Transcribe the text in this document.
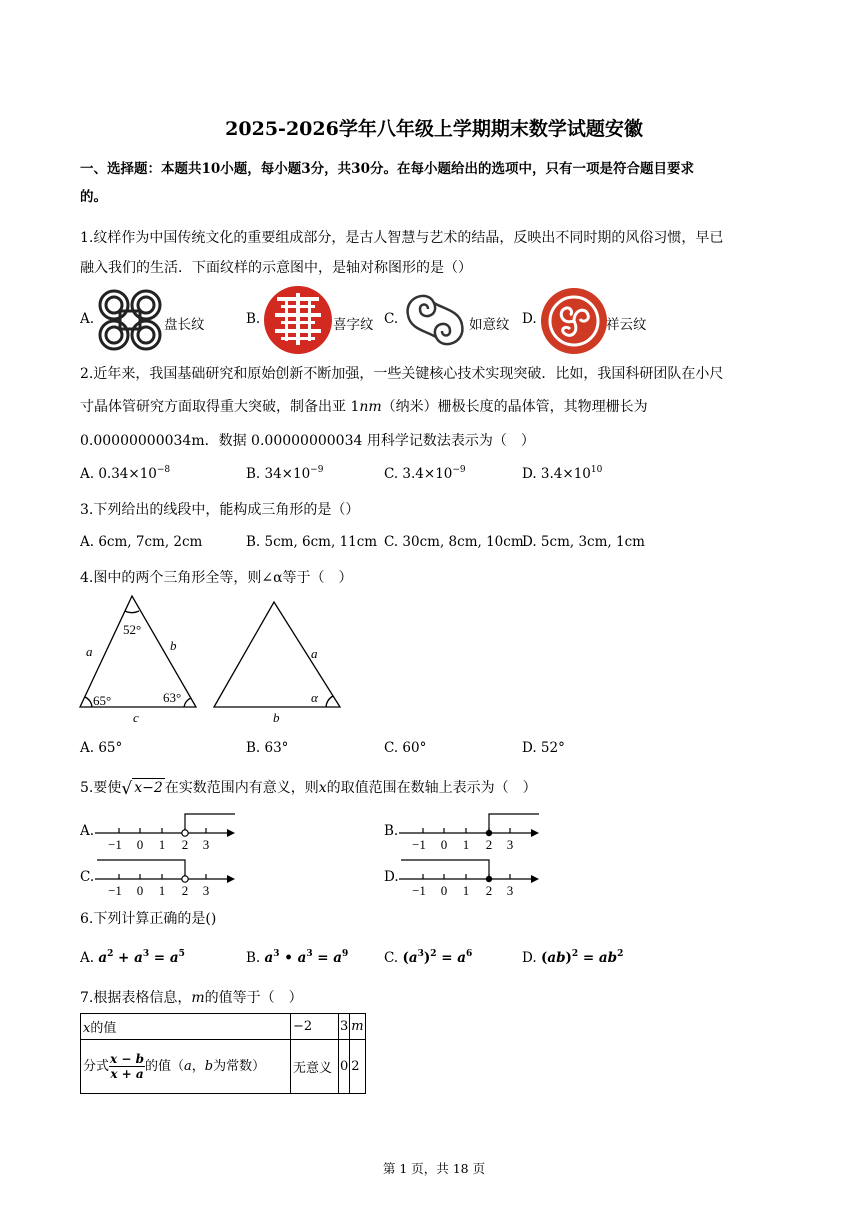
2025-2026学年八年级上学期期末数学试题安徽
一、选择题：本题共10小题，每小题3分，共30分。在每小题给出的选项中，只有一项是符合题目要求
的。
1.纹样作为中国传统文化的重要组成部分，是古人智慧与艺术的结晶，反映出不同时期的风俗习惯，早已
融入我们的生活．下面纹样的示意图中，是轴对称图形的是（）
A.	盘长纹	B.	喜字纹 C.	如意纹 D.	祥云纹
2.近年来，我国基础研究和原始创新不断加强，一些关键核心技术实现突破．比如，我国科研团队在小尺
寸晶体管研究方面取得重大突破，制备出亚 1nm（纳米）栅极长度的晶体管，其物理栅长为
0.00000000034m．数据 0.00000000034 用科学记数法表示为（　）
A. $0.34\times 10^{-8}$	B. $34\times 10^{-9}$	C. $3.4\times 10^{-9}$	D. $3.4\times 10^{10}$
3.下列给出的线段中，能构成三角形的是（）
A. 6cm, 7cm, 2cm	B. 5cm, 6cm, 11cm C. 30cm, 8cm, 10cm
D. 5cm, 3cm, 1cm
4.图中的两个三角形全等，则∠α等于（　）
52°
a	b
65°	63°
c
a
α
b
A. 65°	B. 63°	C. 60°	D. 52°
5.要使√ x−2 在实数范围内有意义，则x的取值范围在数轴上表示为（　）
A.
−1 0 1 2 3
B.
−1 0 1 2 3
C.
−1 0 1 2 3
D.
−1 0 1 2 3
6.下列计算正确的是()
A. $a^2 + a^3 = a^5$	B. $a^3$ • $a^3 = a^9$	C. $(a^3)^2 = a^6$	D. $(ab)^2 = ab^2$
7.根据表格信息，m的值等于（　）
x的值	−2	3	m
分式 $\frac{x - b}{x + a}$ 的值（a，b为常数）	无意义	0	2
第 1 页，共 18 页
